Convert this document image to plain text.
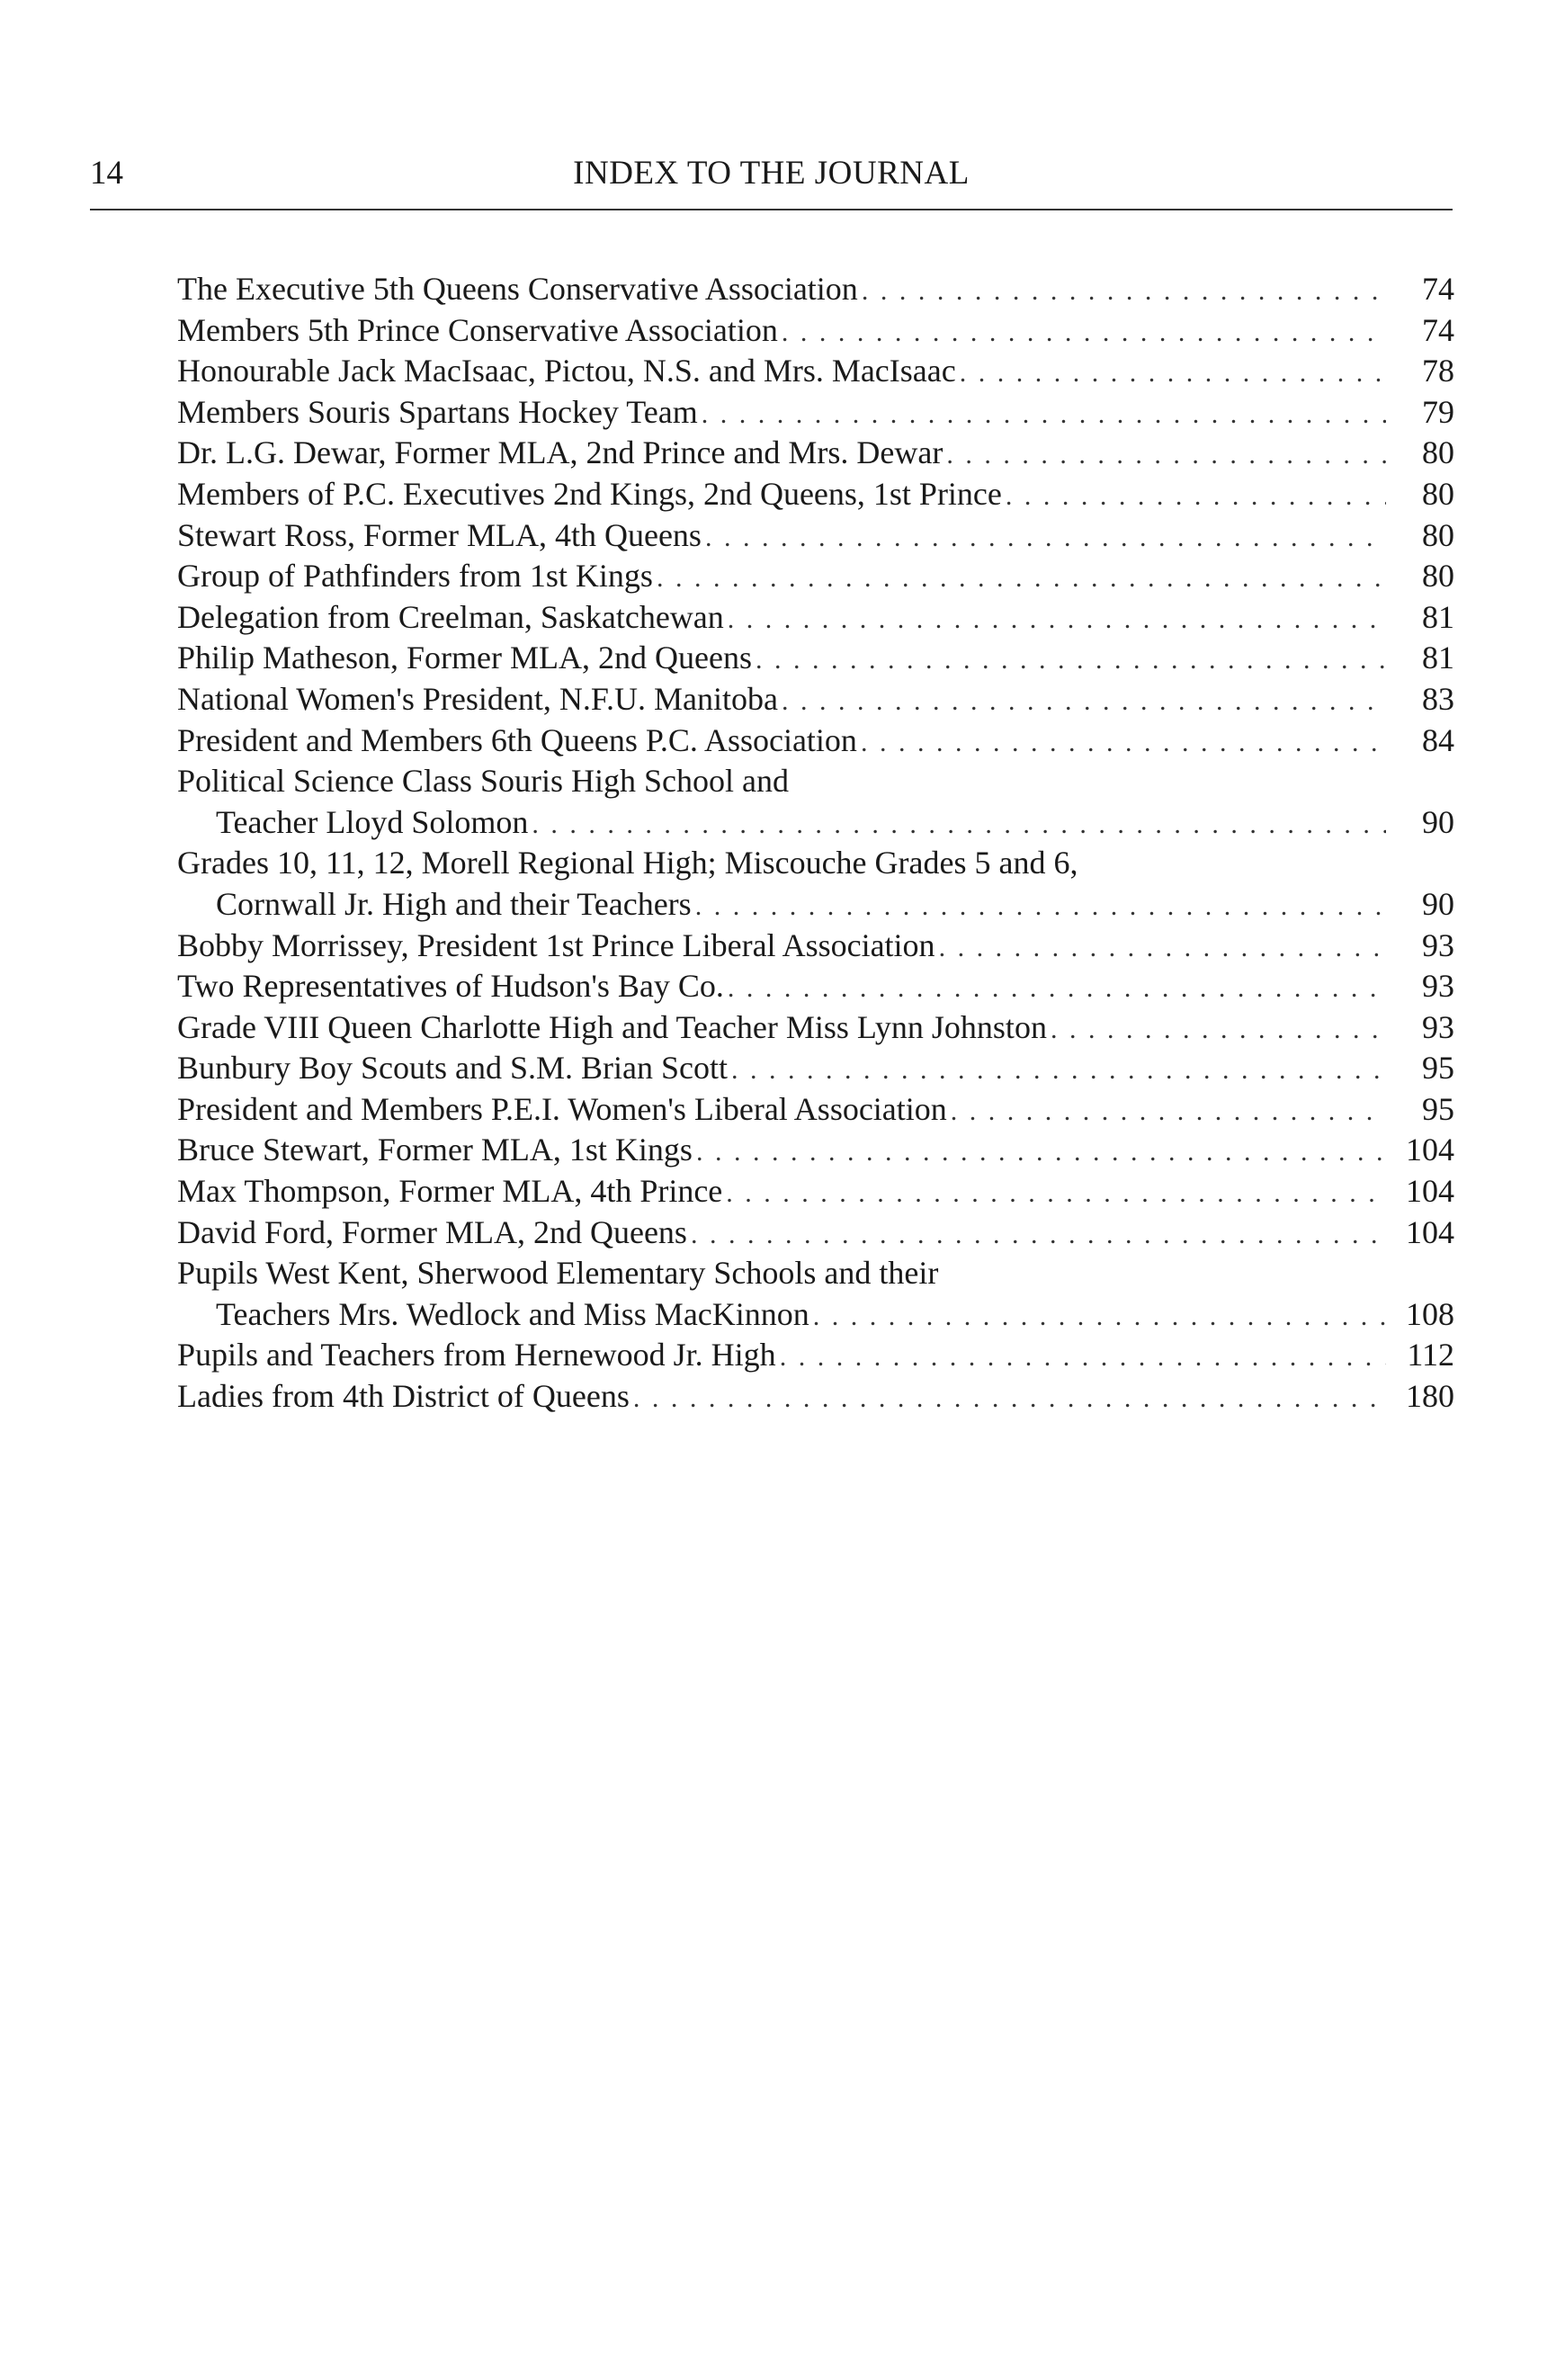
14	INDEX TO THE JOURNAL
The Executive 5th Queens Conservative Association . . .	74
Members 5th Prince Conservative Association . . .	74
Honourable Jack MacIsaac, Pictou, N.S. and Mrs. MacIsaac . . .	78
Members Souris Spartans Hockey Team . . .	79
Dr. L.G. Dewar, Former MLA, 2nd Prince and Mrs. Dewar . . .	80
Members of P.C. Executives 2nd Kings, 2nd Queens, 1st Prince . . .	80
Stewart Ross, Former MLA, 4th Queens . . .	80
Group of Pathfinders from 1st Kings . . .	80
Delegation from Creelman, Saskatchewan . . .	81
Philip Matheson, Former MLA, 2nd Queens . . .	81
National Women's President, N.F.U. Manitoba . . .	83
President and Members 6th Queens P.C. Association . . .	84
Political Science Class Souris High School and
Teacher Lloyd Solomon . . .	90
Grades 10, 11, 12, Morell Regional High; Miscouche Grades 5 and 6,
Cornwall Jr. High and their Teachers . . .	90
Bobby Morrissey, President 1st Prince Liberal Association . . .	93
Two Representatives of Hudson's Bay Co. . . .	93
Grade VIII Queen Charlotte High and Teacher Miss Lynn Johnston . . .	93
Bunbury Boy Scouts and S.M. Brian Scott . . .	95
President and Members P.E.I. Women's Liberal Association . . .	95
Bruce Stewart, Former MLA, 1st Kings . . .	104
Max Thompson, Former MLA, 4th Prince . . .	104
David Ford, Former MLA, 2nd Queens . . .	104
Pupils West Kent, Sherwood Elementary Schools and their
Teachers Mrs. Wedlock and Miss MacKinnon . . .	108
Pupils and Teachers from Hernewood Jr. High . . .	112
Ladies from 4th District of Queens . . .	180
